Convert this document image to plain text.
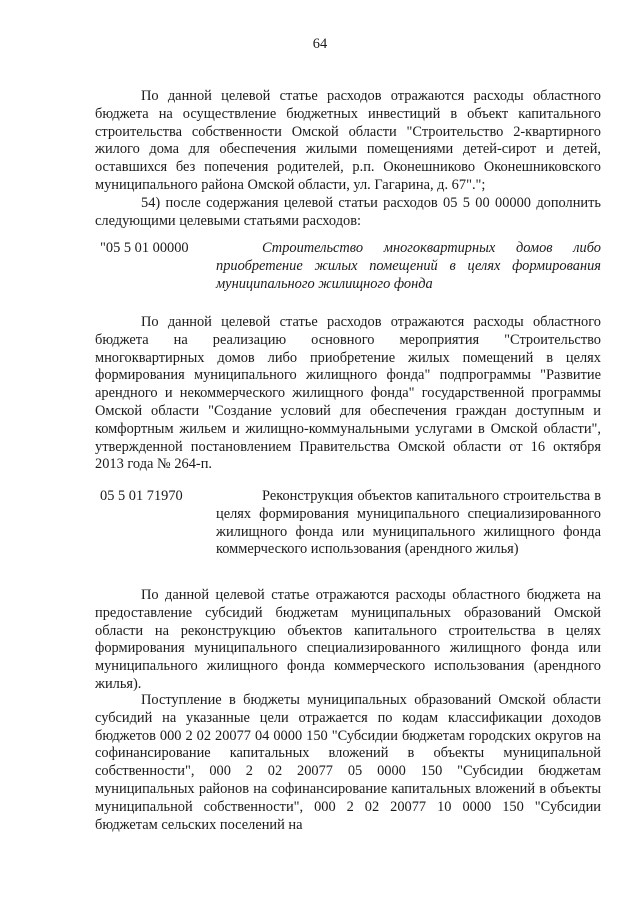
64

По данной целевой статье расходов отражаются расходы областного бюджета на осуществление бюджетных инвестиций в объект капитального строительства собственности Омской области "Строительство 2-квартирного жилого дома для обеспечения жилыми помещениями детей-сирот и детей, оставшихся без попечения родителей, р.п. Оконешниково Оконешниковского муниципального района Омской области, ул. Гагарина, д. 67".";

54) после содержания целевой статьи расходов 05 5 00 00000 дополнить следующими целевыми статьями расходов:

"05 5 01 00000	Строительство многоквартирных домов либо приобретение жилых помещений в целях формирования муниципального жилищного фонда

По данной целевой статье расходов отражаются расходы областного бюджета на реализацию основного мероприятия "Строительство многоквартирных домов либо приобретение жилых помещений в целях формирования муниципального жилищного фонда" подпрограммы "Развитие арендного и некоммерческого жилищного фонда" государственной программы Омской области "Создание условий для обеспечения граждан доступным и комфортным жильем и жилищно-коммунальными услугами в Омской области", утвержденной постановлением Правительства Омской области от 16 октября 2013 года № 264-п.

05 5 01 71970	Реконструкция объектов капитального строительства в целях формирования муниципального специализированного жилищного фонда или муниципального жилищного фонда коммерческого использования (арендного жилья)

По данной целевой статье отражаются расходы областного бюджета на предоставление субсидий бюджетам муниципальных образований Омской области на реконструкцию объектов капитального строительства в целях формирования муниципального специализированного жилищного фонда или муниципального жилищного фонда коммерческого использования (арендного жилья).

Поступление в бюджеты муниципальных образований Омской области субсидий на указанные цели отражается по кодам классификации доходов бюджетов 000 2 02 20077 04 0000 150 "Субсидии бюджетам городских округов на софинансирование капитальных вложений в объекты муниципальной собственности", 000 2 02 20077 05 0000 150 "Субсидии бюджетам муниципальных районов на софинансирование капитальных вложений в объекты муниципальной собственности", 000 2 02 20077 10 0000 150 "Субсидии бюджетам сельских поселений на
